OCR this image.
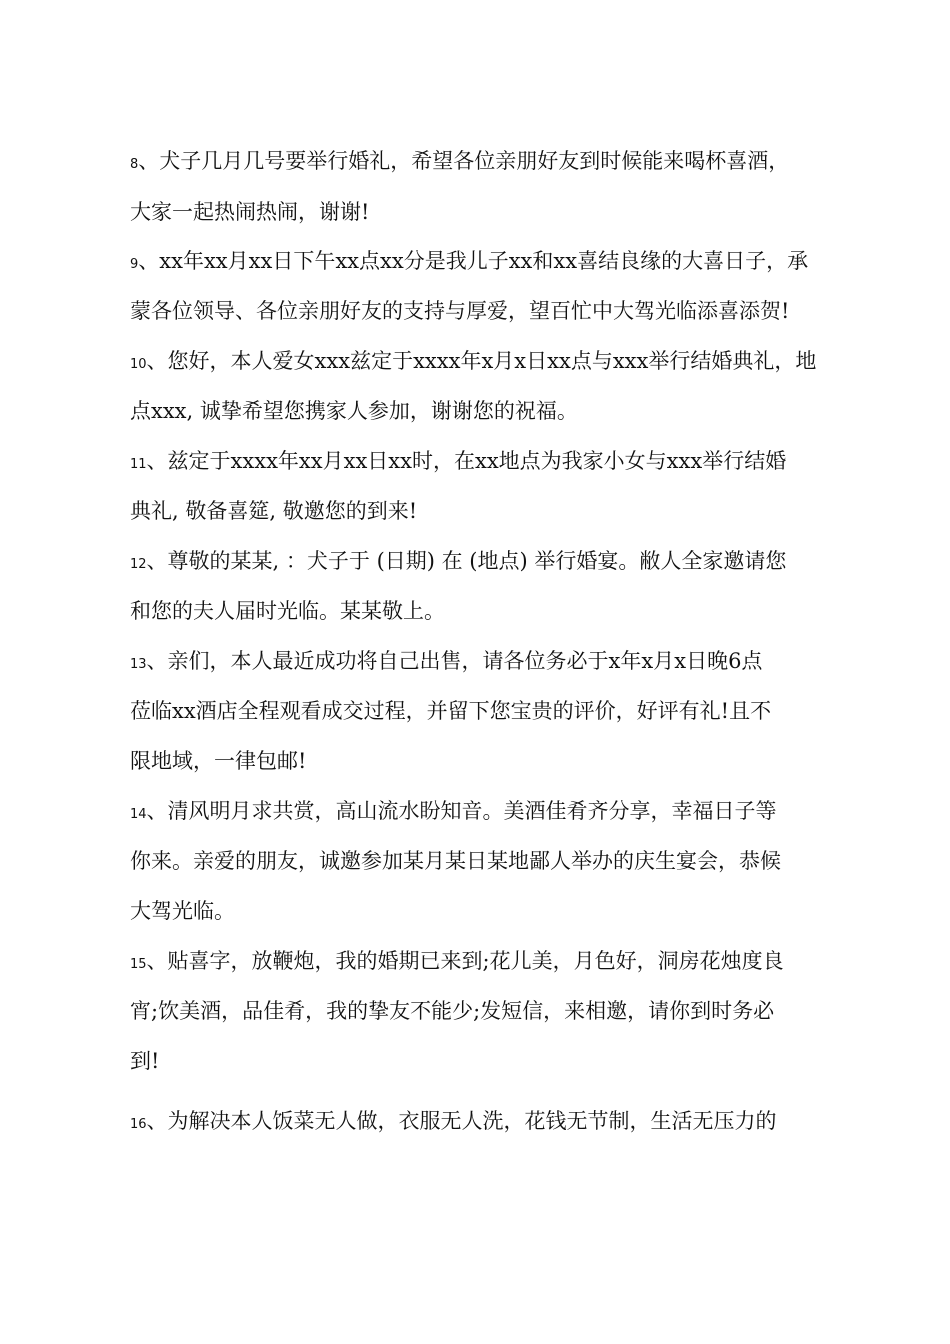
8、犬子几月几号要举行婚礼，希望各位亲朋好友到时候能来喝杯喜酒，
大家一起热闹热闹，谢谢!
9、xx年xx月xx日下午xx点xx分是我儿子xx和xx喜结良缘的大喜日子，承
蒙各位领导、各位亲朋好友的支持与厚爱，望百忙中大驾光临添喜添贺!
10、您好，本人爱女xxx兹定于xxxx年x月x日xx点与xxx举行结婚典礼，地
点xxx, 诚挚希望您携家人参加，谢谢您的祝福。
11、兹定于xxxx年xx月xx日xx时，在xx地点为我家小女与xxx举行结婚
典礼, 敬备喜筵, 敬邀您的到来!
12、尊敬的某某, ：犬子于 (日期) 在 (地点) 举行婚宴。敝人全家邀请您
和您的夫人届时光临。某某敬上。
13、亲们，本人最近成功将自己出售，请各位务必于x年x月x日晚6点
莅临xx酒店全程观看成交过程，并留下您宝贵的评价，好评有礼!且不
限地域，一律包邮!
14、清风明月求共赏，高山流水盼知音。美酒佳肴齐分享，幸福日子等
你来。亲爱的朋友，诚邀参加某月某日某地鄙人举办的庆生宴会，恭候
大驾光临。
15、贴喜字，放鞭炮，我的婚期已来到;花儿美，月色好，洞房花烛度良
宵;饮美酒，品佳肴，我的挚友不能少;发短信，来相邀，请你到时务必
到!
16、为解决本人饭菜无人做，衣服无人洗，花钱无节制，生活无压力的
